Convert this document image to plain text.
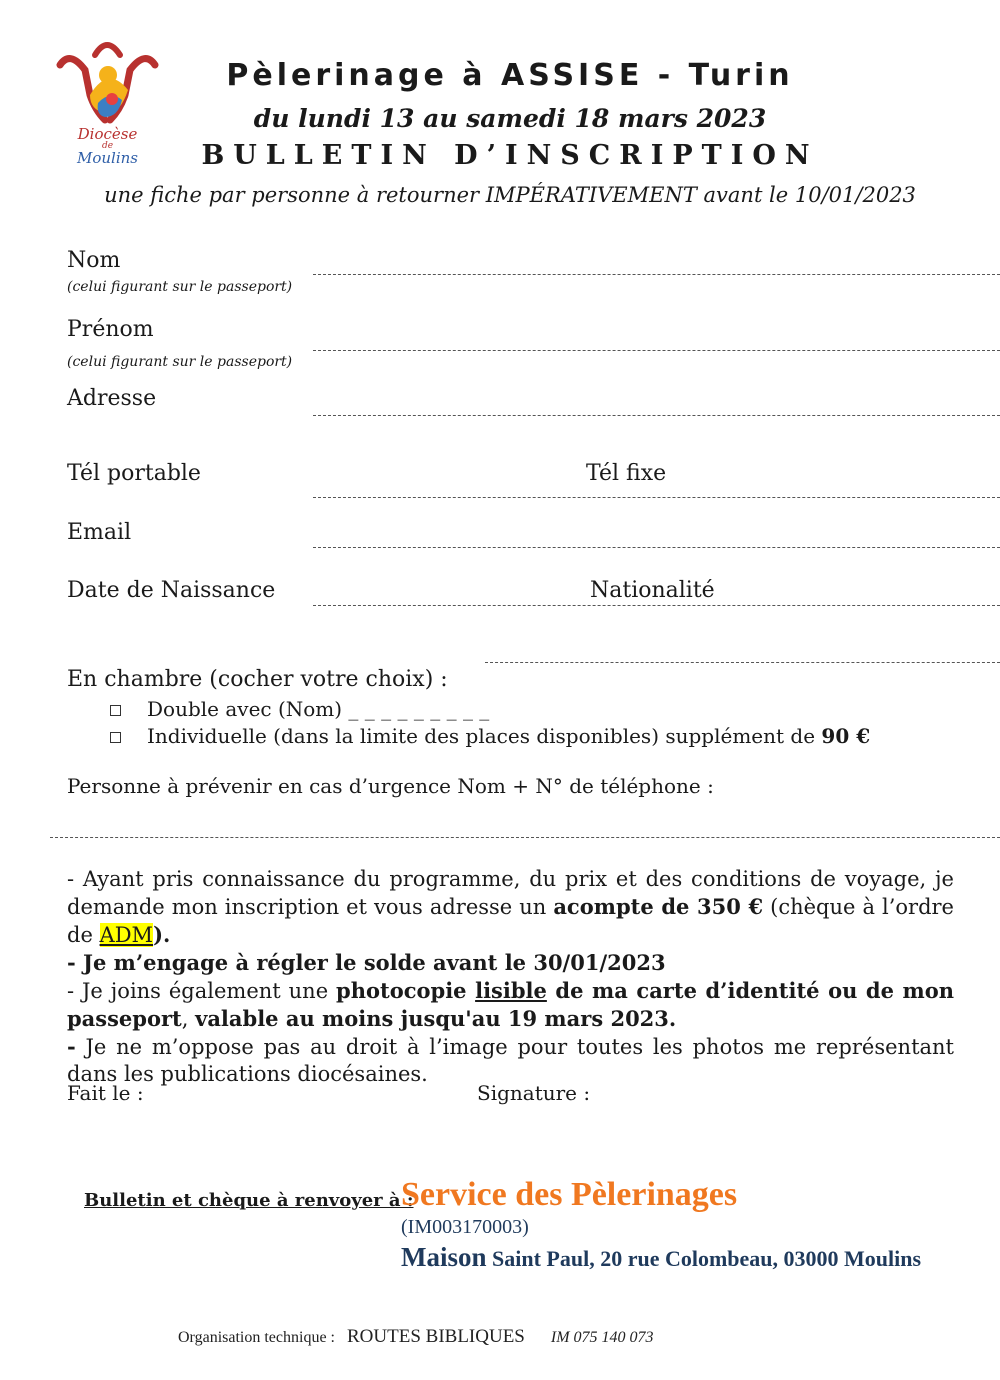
Diocèse
de
Moulins
Pèlerinage à ASSISE - Turin
du lundi 13 au samedi 18 mars 2023
BULLETIN D’INSCRIPTION
une fiche par personne à retourner IMPÉRATIVEMENT avant le 10/01/2023
Nom
(celui figurant sur le passeport)
Prénom
(celui figurant sur le passeport)
Adresse
Tél portable	Tél fixe
Email
Date de Naissance	Nationalité
En chambre (cocher votre choix) :
Double avec (Nom) _ _ _ _ _ _ _ _ _
Individuelle (dans la limite des places disponibles) supplément de 90 €
Personne à prévenir en cas d’urgence Nom + N° de téléphone :
- Ayant pris connaissance du programme, du prix et des conditions de voyage, je demande mon inscription et vous adresse un acompte de 350 € (chèque à l’ordre de ADM).
- Je m’engage à régler le solde avant le 30/01/2023
- Je joins également une photocopie lisible de ma carte d’identité ou de mon passeport, valable au moins jusqu'au 19 mars 2023.
- Je ne m’oppose pas au droit à l’image pour toutes les photos me représentant dans les publications diocésaines.
Fait le :	Signature :
Bulletin et chèque à renvoyer à :
Service des Pèlerinages
(IM003170003)
Maison Saint Paul, 20 rue Colombeau, 03000 Moulins
Organisation technique : ROUTES BIBLIQUES IM 075 140 073
